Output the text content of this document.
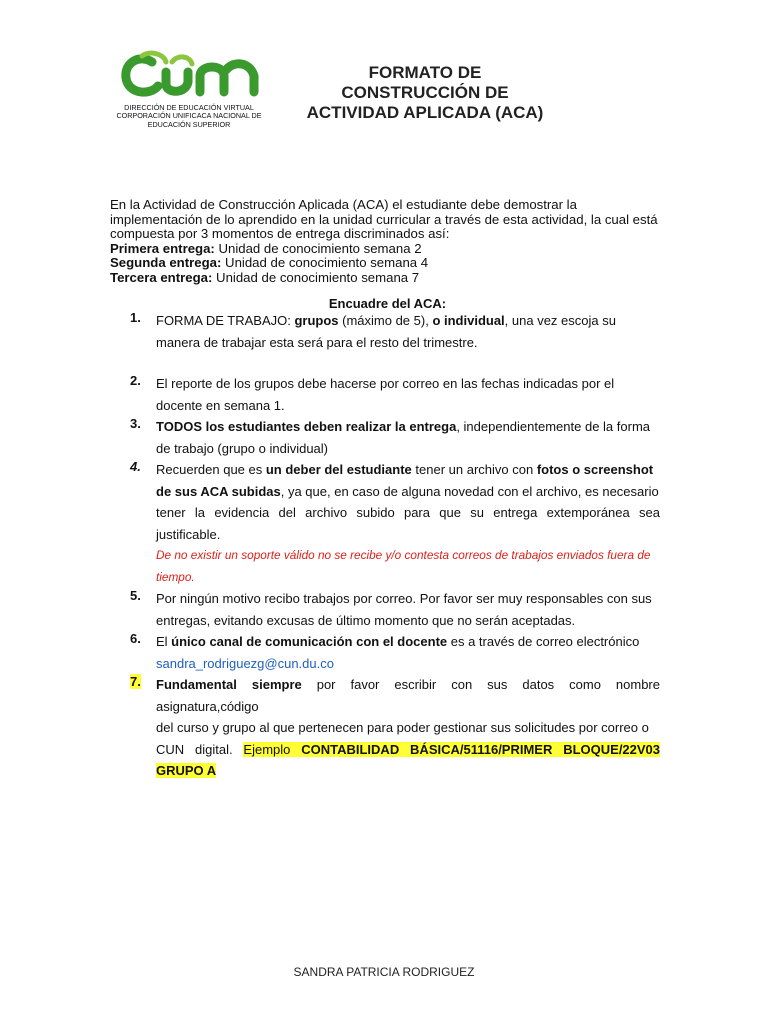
DIRECCIÓN DE EDUCACIÓN VIRTUAL
CORPORACIÓN UNIFICACA NACIONAL DE
EDUCACIÓN SUPERIOR
FORMATO DE CONSTRUCCIÓN DE
ACTIVIDAD APLICADA (ACA)

En la Actividad de Construcción Aplicada (ACA) el estudiante debe demostrar la implementación de lo aprendido en la unidad curricular a través de esta actividad, la cual está compuesta por 3 momentos de entrega discriminados así:

Primera entrega: Unidad de conocimiento semana 2

Segunda entrega: Unidad de conocimiento semana 4

Tercera entrega: Unidad de conocimiento semana 7

Encuadre del ACA:
1. FORMA DE TRABAJO: grupos (máximo de 5), o individual, una vez escoja su
manera de trabajar esta será para el resto del trimestre.
2. El reporte de los grupos debe hacerse por correo en las fechas indicadas por el
docente en semana 1.
3. TODOS los estudiantes deben realizar la entrega, independientemente de la forma
de trabajo (grupo o individual)
4. Recuerden que es un deber del estudiante tener un archivo con fotos o screenshot
de sus ACA subidas, ya que, en caso de alguna novedad con el archivo, es necesario
tener la evidencia del archivo subido para que su entrega extemporánea sea justificable.
De no existir un soporte válido no se recibe y/o contesta correos de trabajos enviados fuera de
tiempo.
5. Por ningún motivo recibo trabajos por correo. Por favor ser muy responsables con sus
entregas, evitando excusas de último momento que no serán aceptadas.
6. El único canal de comunicación con el docente es a través de correo electrónico
sandra_rodriguezg@cun.du.co
7. Fundamental siempre por favor escribir con sus datos como nombre asignatura,código
del curso y grupo al que pertenecen para poder gestionar sus solicitudes por correo o
CUN digital. Ejemplo CONTABILIDAD BÁSICA/51116/PRIMER BLOQUE/22V03 GRUPO A
SANDRA PATRICIA RODRIGUEZ
